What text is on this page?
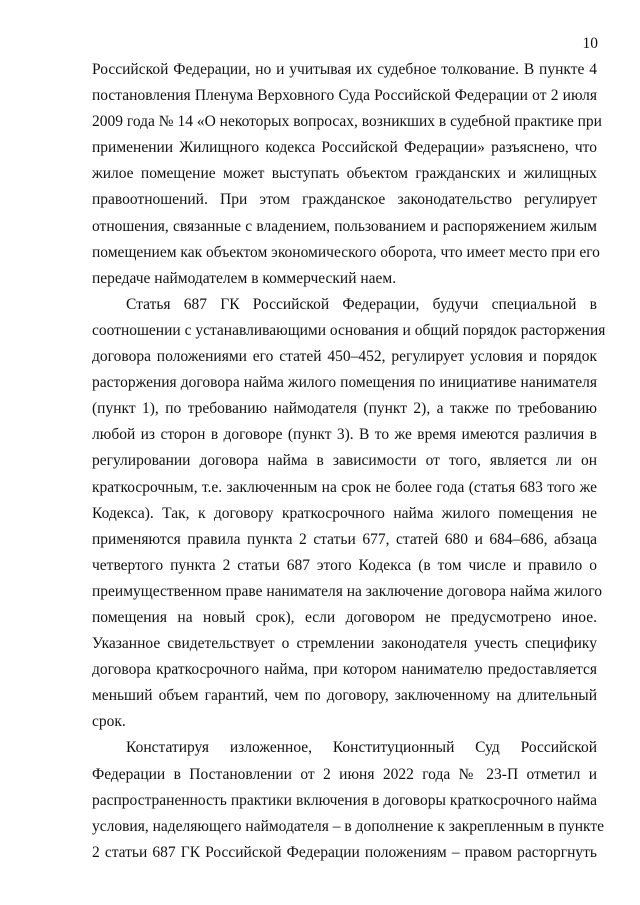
10
Российской Федерации, но и учитывая их судебное толкование. В пункте 4
постановления Пленума Верховного Суда Российской Федерации от 2 июля
2009 года № 14 «О некоторых вопросах, возникших в судебной практике при
применении Жилищного кодекса Российской Федерации» разъяснено, что
жилое помещение может выступать объектом гражданских и жилищных
правоотношений. При этом гражданское законодательство регулирует
отношения, связанные с владением, пользованием и распоряжением жилым
помещением как объектом экономического оборота, что имеет место при его
передаче наймодателем в коммерческий наем.
Статья 687 ГК Российской Федерации, будучи специальной в
соотношении с устанавливающими основания и общий порядок расторжения
договора положениями его статей 450–452, регулирует условия и порядок
расторжения договора найма жилого помещения по инициативе нанимателя
(пункт 1), по требованию наймодателя (пункт 2), а также по требованию
любой из сторон в договоре (пункт 3). В то же время имеются различия в
регулировании договора найма в зависимости от того, является ли он
краткосрочным, т.е. заключенным на срок не более года (статья 683 того же
Кодекса). Так, к договору краткосрочного найма жилого помещения не
применяются правила пункта 2 статьи 677, статей 680 и 684–686, абзаца
четвертого пункта 2 статьи 687 этого Кодекса (в том числе и правило о
преимущественном праве нанимателя на заключение договора найма жилого
помещения на новый срок), если договором не предусмотрено иное.
Указанное свидетельствует о стремлении законодателя учесть специфику
договора краткосрочного найма, при котором нанимателю предоставляется
меньший объем гарантий, чем по договору, заключенному на длительный
срок.
Констатируя изложенное, Конституционный Суд Российской
Федерации в Постановлении от 2 июня 2022 года № 23-П отметил и
распространенность практики включения в договоры краткосрочного найма
условия, наделяющего наймодателя – в дополнение к закрепленным в пункте
2 статьи 687 ГК Российской Федерации положениям – правом расторгнуть
